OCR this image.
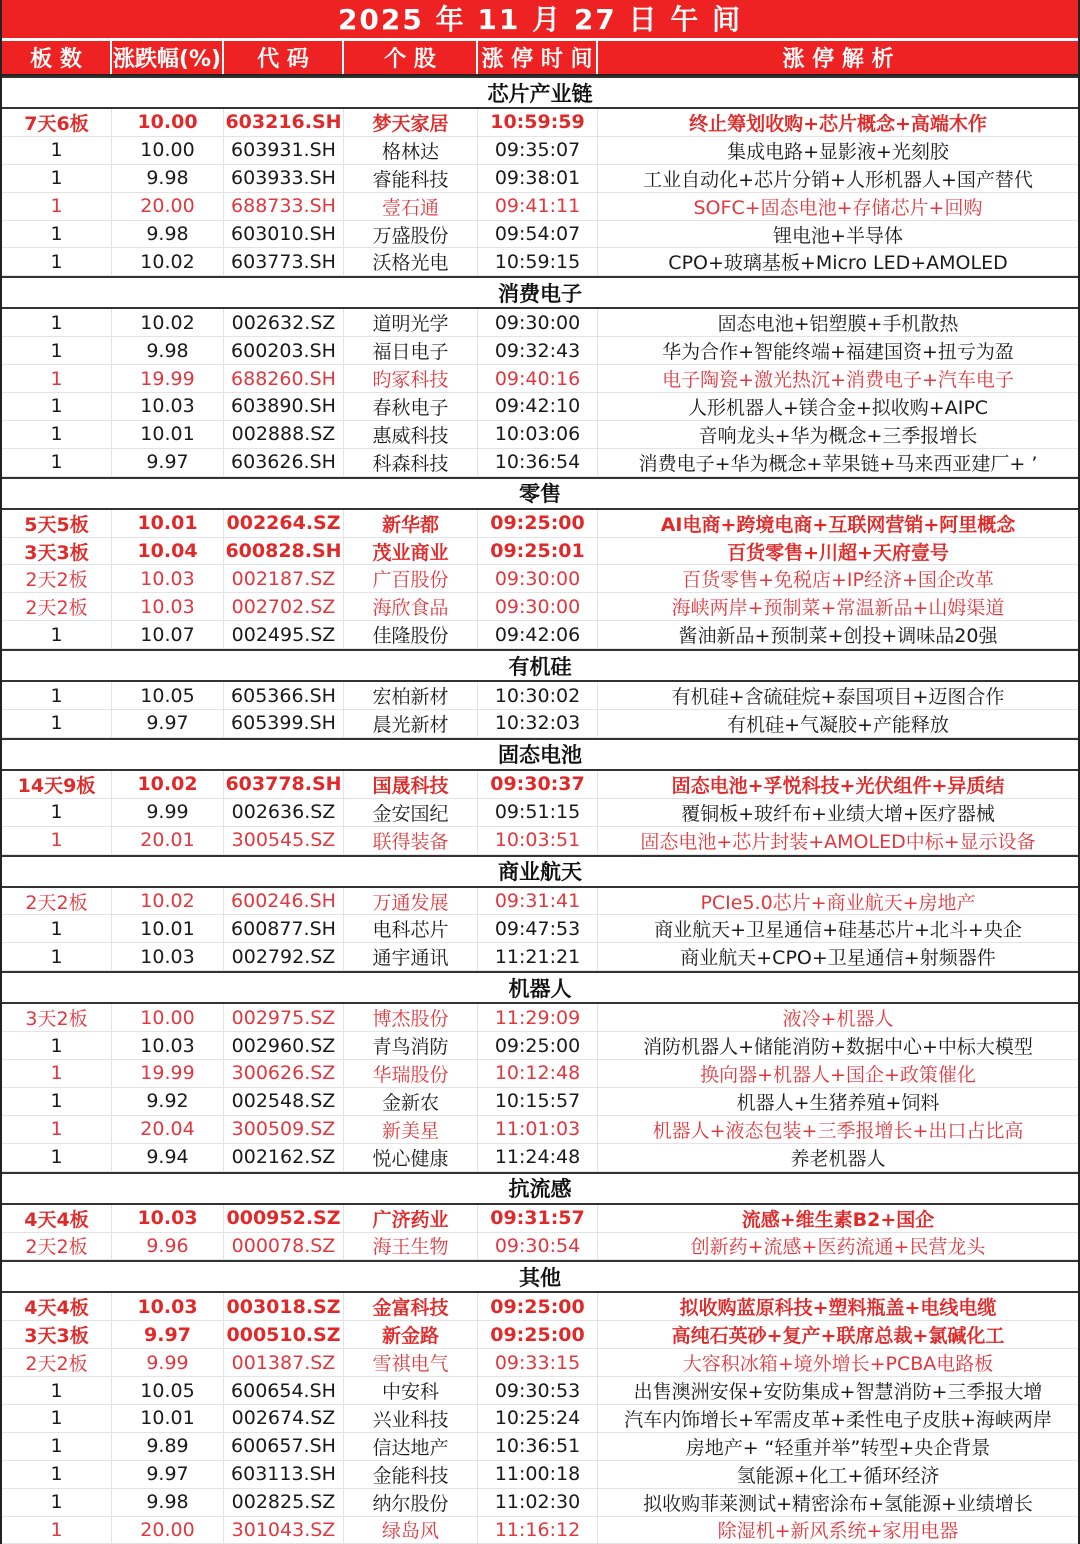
2025 年 11 月 27 日 午 间
板 数	涨跌幅(%)	代 码	个 股	涨 停 时 间	涨 停 解 析
芯片产业链
7天6板	10.00	603216.SH	梦天家居	10:59:59	终止筹划收购+芯片概念+高端木作
1	10.00	603931.SH	格林达	09:35:07	集成电路+显影液+光刻胶
1	9.98	603933.SH	睿能科技	09:38:01	工业自动化+芯片分销+人形机器人+国产替代
1	20.00	688733.SH	壹石通	09:41:11	SOFC+固态电池+存储芯片+回购
1	9.98	603010.SH	万盛股份	09:54:07	锂电池+半导体
1	10.02	603773.SH	沃格光电	10:59:15	CPO+玻璃基板+Micro LED+AMOLED
消费电子
1	10.02	002632.SZ	道明光学	09:30:00	固态电池+铝塑膜+手机散热
1	9.98	600203.SH	福日电子	09:32:43	华为合作+智能终端+福建国资+扭亏为盈
1	19.99	688260.SH	昀冢科技	09:40:16	电子陶瓷+激光热沉+消费电子+汽车电子
1	10.03	603890.SH	春秋电子	09:42:10	人形机器人+镁合金+拟收购+AIPC
1	10.01	002888.SZ	惠威科技	10:03:06	音响龙头+华为概念+三季报增长
1	9.97	603626.SH	科森科技	10:36:54	消费电子+华为概念+苹果链+马来西亚建厂+ ’
零售
5天5板	10.01	002264.SZ	新华都	09:25:00	AI电商+跨境电商+互联网营销+阿里概念
3天3板	10.04	600828.SH	茂业商业	09:25:01	百货零售+川超+天府壹号
2天2板	10.03	002187.SZ	广百股份	09:30:00	百货零售+免税店+IP经济+国企改革
2天2板	10.03	002702.SZ	海欣食品	09:30:00	海峡两岸+预制菜+常温新品+山姆渠道
1	10.07	002495.SZ	佳隆股份	09:42:06	酱油新品+预制菜+创投+调味品20强
有机硅
1	10.05	605366.SH	宏柏新材	10:30:02	有机硅+含硫硅烷+泰国项目+迈图合作
1	9.97	605399.SH	晨光新材	10:32:03	有机硅+气凝胶+产能释放
固态电池
14天9板	10.02	603778.SH	国晟科技	09:30:37	固态电池+孚悦科技+光伏组件+异质结
1	9.99	002636.SZ	金安国纪	09:51:15	覆铜板+玻纤布+业绩大增+医疗器械
1	20.01	300545.SZ	联得装备	10:03:51	固态电池+芯片封装+AMOLED中标+显示设备
商业航天
2天2板	10.02	600246.SH	万通发展	09:31:41	PCIe5.0芯片+商业航天+房地产
1	10.01	600877.SH	电科芯片	09:47:53	商业航天+卫星通信+硅基芯片+北斗+央企
1	10.03	002792.SZ	通宇通讯	11:21:21	商业航天+CPO+卫星通信+射频器件
机器人
3天2板	10.00	002975.SZ	博杰股份	11:29:09	液冷+机器人
1	10.03	002960.SZ	青鸟消防	09:25:00	消防机器人+储能消防+数据中心+中标大模型
1	19.99	300626.SZ	华瑞股份	10:12:48	换向器+机器人+国企+政策催化
1	9.92	002548.SZ	金新农	10:15:57	机器人+生猪养殖+饲料
1	20.04	300509.SZ	新美星	11:01:03	机器人+液态包装+三季报增长+出口占比高
1	9.94	002162.SZ	悦心健康	11:24:48	养老机器人
抗流感
4天4板	10.03	000952.SZ	广济药业	09:31:57	流感+维生素B2+国企
2天2板	9.96	000078.SZ	海王生物	09:30:54	创新药+流感+医药流通+民营龙头
其他
4天4板	10.03	003018.SZ	金富科技	09:25:00	拟收购蓝原科技+塑料瓶盖+电线电缆
3天3板	9.97	000510.SZ	新金路	09:25:00	高纯石英砂+复产+联席总裁+氯碱化工
2天2板	9.99	001387.SZ	雪祺电气	09:33:15	大容积冰箱+境外增长+PCBA电路板
1	10.05	600654.SH	中安科	09:30:53	出售澳洲安保+安防集成+智慧消防+三季报大增
1	10.01	002674.SZ	兴业科技	10:25:24	汽车内饰增长+军需皮革+柔性电子皮肤+海峡两岸
1	9.89	600657.SH	信达地产	10:36:51	房地产+ “轻重并举”转型+央企背景
1	9.97	603113.SH	金能科技	11:00:18	氢能源+化工+循环经济
1	9.98	002825.SZ	纳尔股份	11:02:30	拟收购菲莱测试+精密涂布+氢能源+业绩增长
1	20.00	301043.SZ	绿岛风	11:16:12	除湿机+新风系统+家用电器
